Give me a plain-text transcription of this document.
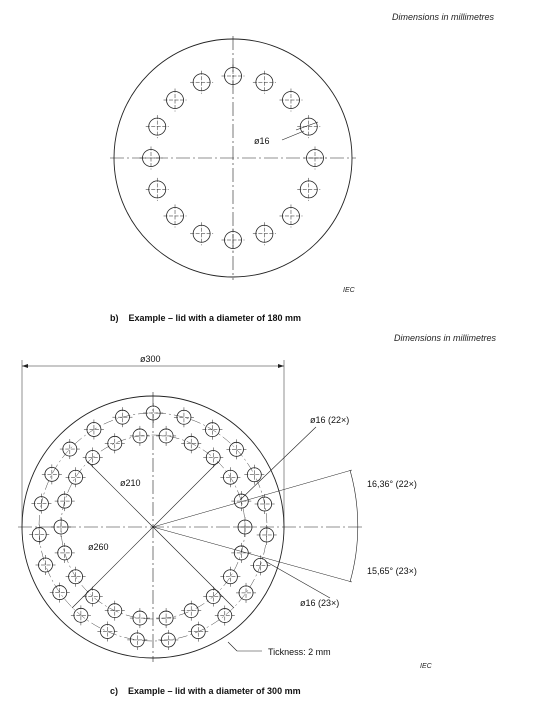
Dimensions in millimetres
ø16
ø300
ø210
ø260
16,36° (22×)
15,65° (23×)
ø16 (22×)
ø16 (23×)
Tickness: 2 mm
IEC
b) Example – lid with a diameter of 180 mm
Dimensions in millimetres
IEC
c) Example – lid with a diameter of 300 mm
